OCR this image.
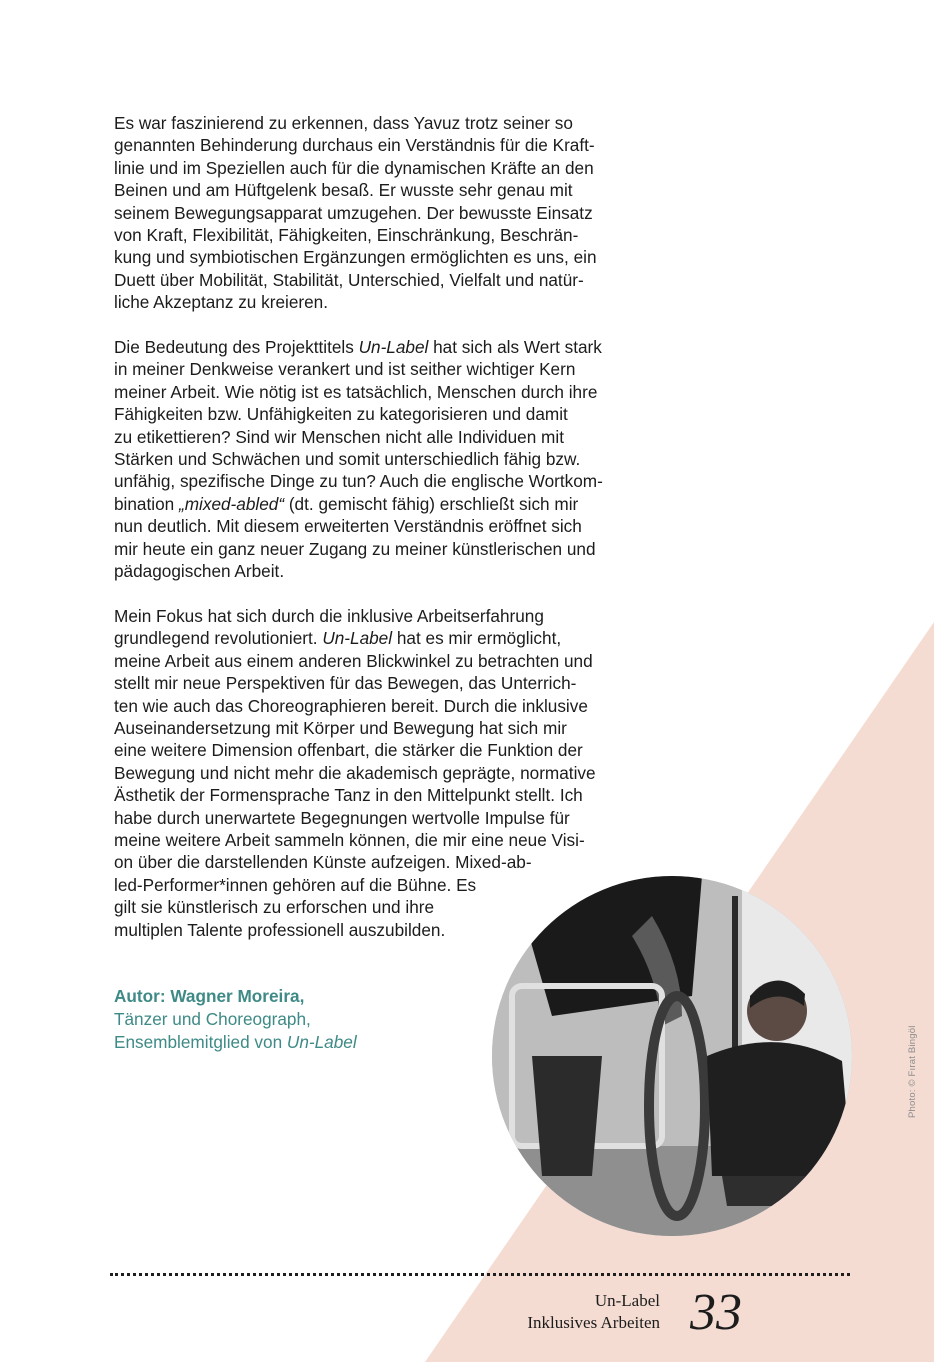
Es war faszinierend zu erkennen, dass Yavuz trotz seiner so
genannten Behinderung durchaus ein Verständnis für die Kraft-
linie und im Speziellen auch für die dynamischen Kräfte an den
Beinen und am Hüftgelenk besaß. Er wusste sehr genau mit
seinem Bewegungsapparat umzugehen. Der bewusste Einsatz
von Kraft, Flexibilität, Fähigkeiten, Einschränkung, Beschrän-
kung und symbiotischen Ergänzungen ermöglichten es uns, ein
Duett über Mobilität, Stabilität, Unterschied, Vielfalt und natür-
liche Akzeptanz zu kreieren.

Die Bedeutung des Projekttitels Un-Label hat sich als Wert stark
in meiner Denkweise verankert und ist seither wichtiger Kern
meiner Arbeit. Wie nötig ist es tatsächlich, Menschen durch ihre
Fähigkeiten bzw. Unfähigkeiten zu kategorisieren und damit
zu etikettieren? Sind wir Menschen nicht alle Individuen mit
Stärken und Schwächen und somit unterschiedlich fähig bzw.
unfähig, spezifische Dinge zu tun? Auch die englische Wortkom-
bination „mixed-abled“ (dt. gemischt fähig) erschließt sich mir
nun deutlich. Mit diesem erweiterten Verständnis eröffnet sich
mir heute ein ganz neuer Zugang zu meiner künstlerischen und
pädagogischen Arbeit.

Mein Fokus hat sich durch die inklusive Arbeitserfahrung
grundlegend revolutioniert. Un-Label hat es mir ermöglicht,
meine Arbeit aus einem anderen Blickwinkel zu betrachten und
stellt mir neue Perspektiven für das Bewegen, das Unterrich-
ten wie auch das Choreographieren bereit. Durch die inklusive
Auseinandersetzung mit Körper und Bewegung hat sich mir
eine weitere Dimension offenbart, die stärker die Funktion der
Bewegung und nicht mehr die akademisch geprägte, normative
Ästhetik der Formensprache Tanz in den Mittelpunkt stellt. Ich
habe durch unerwartete Begegnungen wertvolle Impulse für
meine weitere Arbeit sammeln können, die mir eine neue Visi-
on über die darstellenden Künste aufzeigen. Mixed-ab-
led-Performer*innen gehören auf die Bühne. Es
gilt sie künstlerisch zu erforschen und ihre
multiplen Talente professionell auszubilden.

Autor: Wagner Moreira,
Tänzer und Choreograph,
Ensemblemitglied von Un-Label	Photo: © Fırat Bingöl
Un-Label
Inklusives Arbeiten 33
